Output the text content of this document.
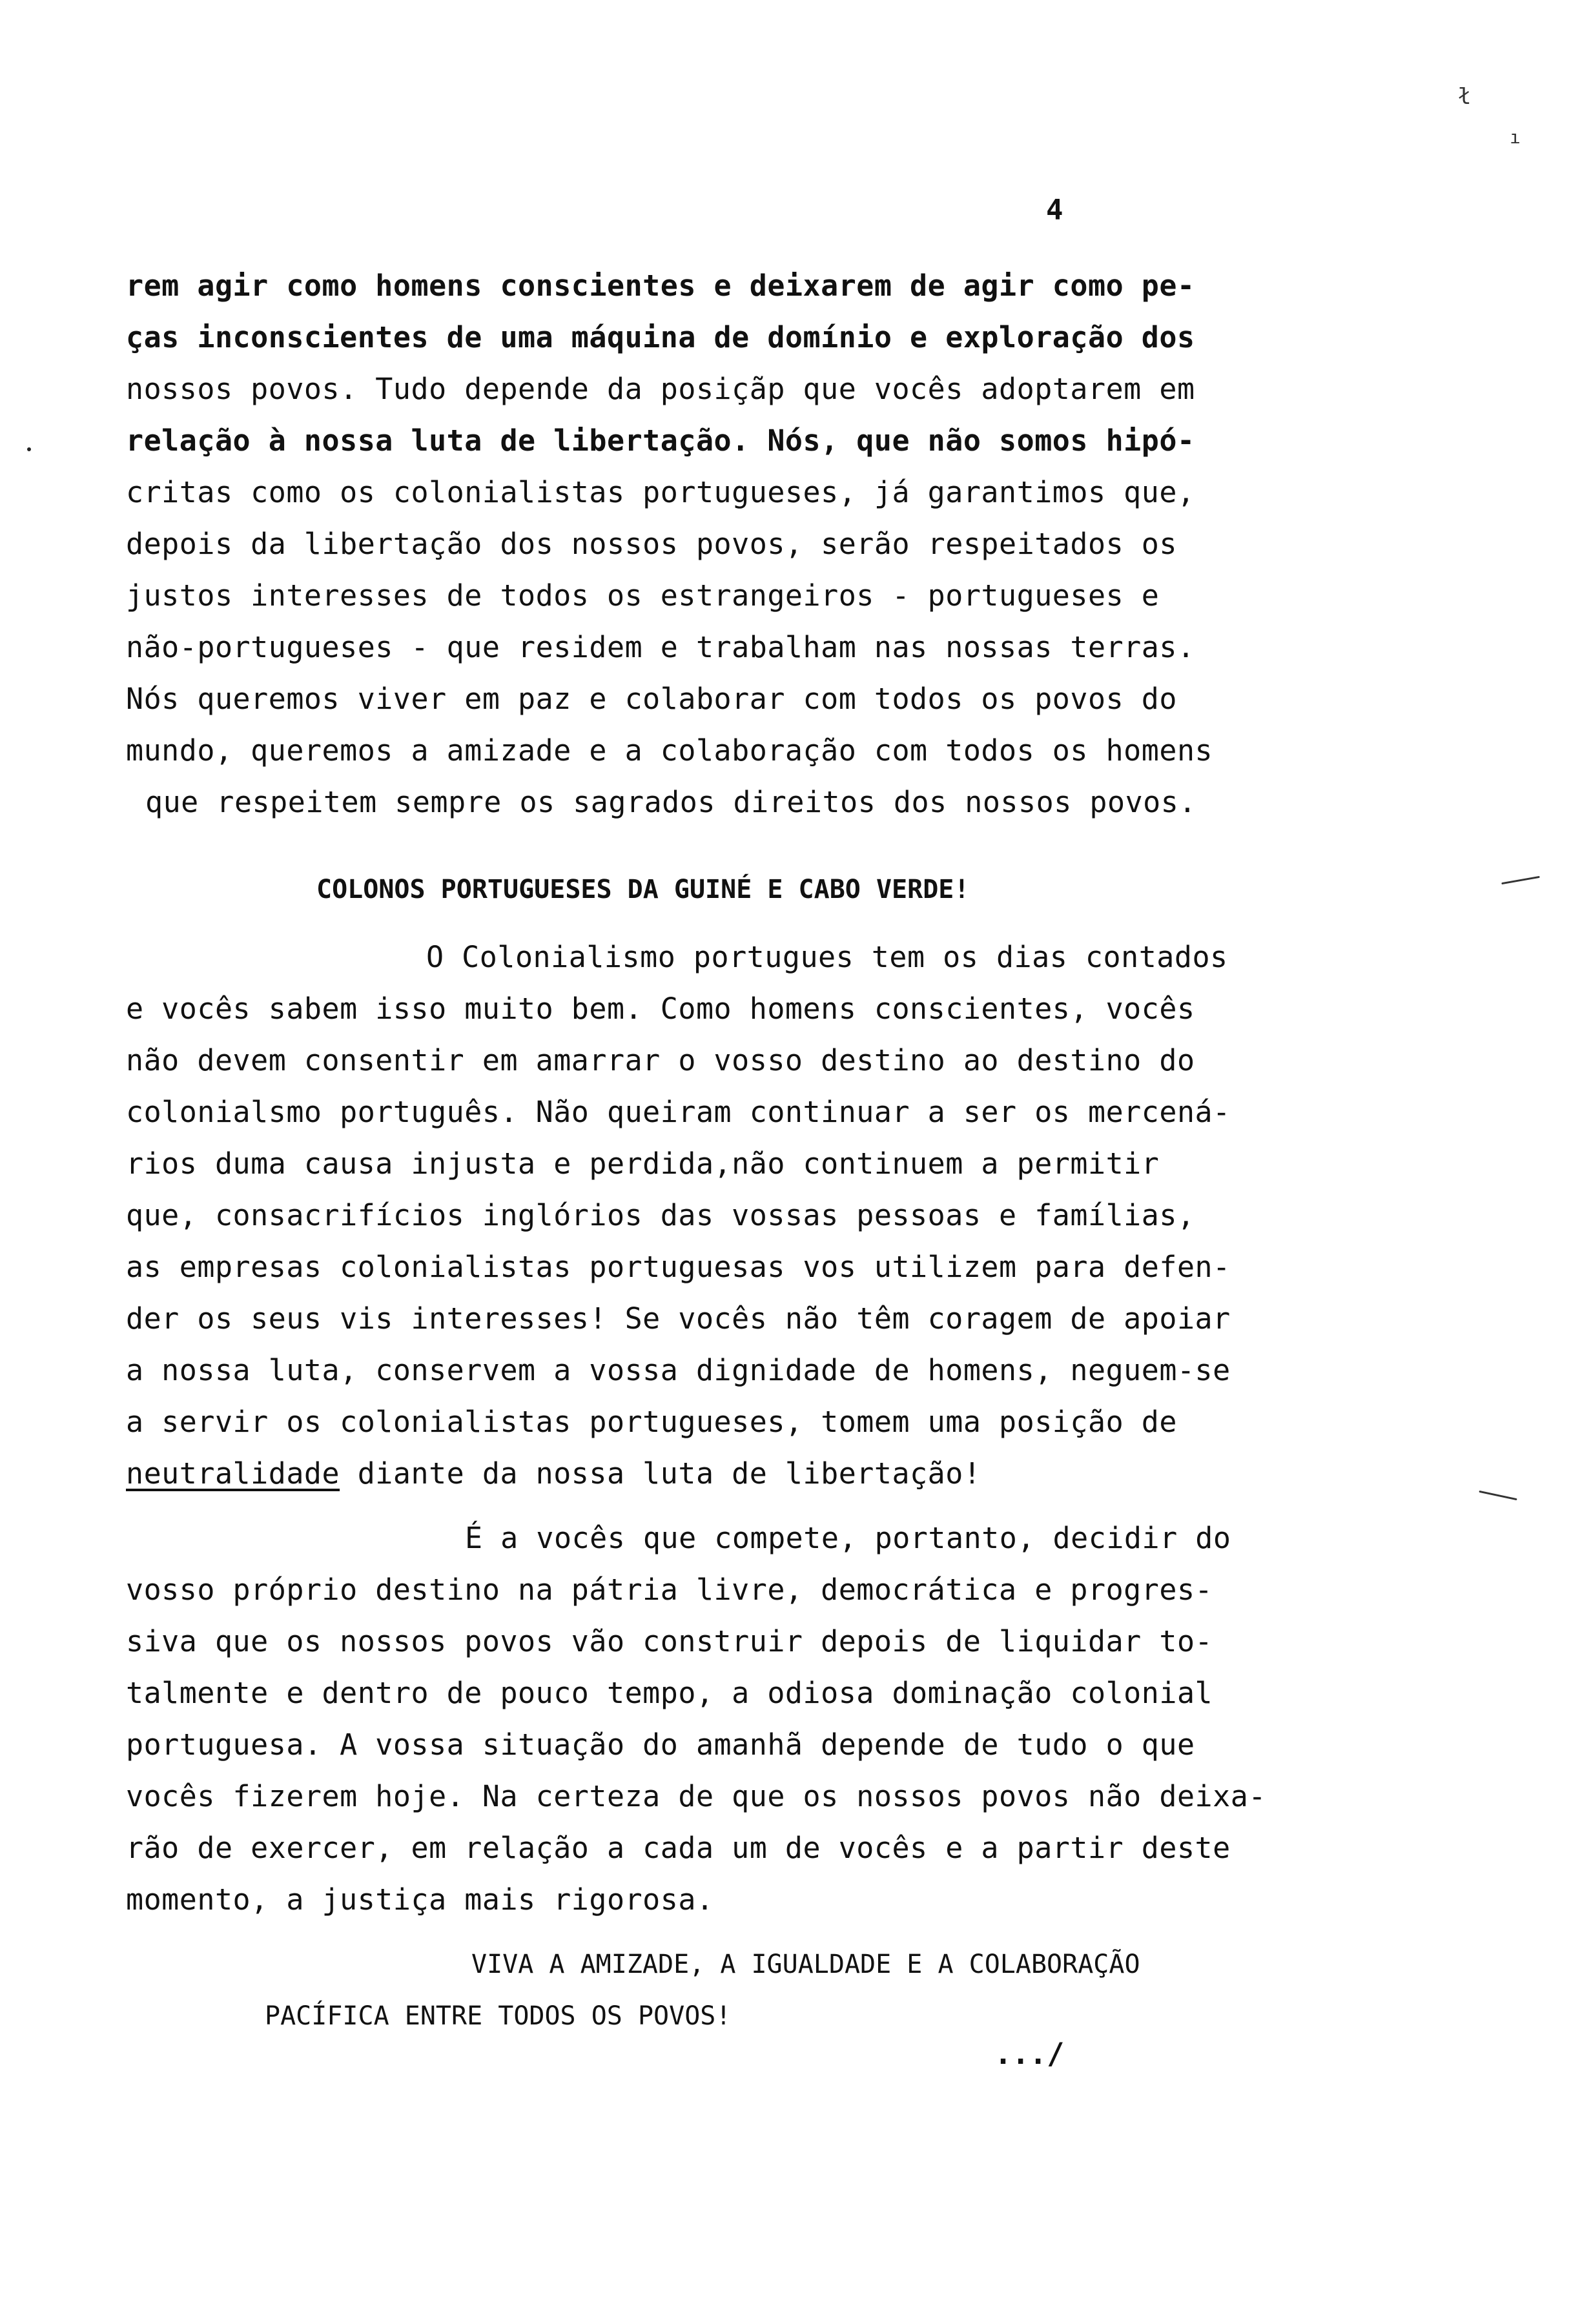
ł
ı
4
rem agir como homens conscientes e deixarem de agir como pe-
ças inconscientes de uma máquina de domínio e exploração dos
nossos povos. Tudo depende da posiçãp que vocês adoptarem em
relação à nossa luta de libertação. Nós, que não somos hipó-
critas como os colonialistas portugueses, já garantimos que,
depois da libertação dos nossos povos, serão respeitados os
justos interesses de todos os estrangeiros - portugueses e
não-portugueses - que residem e trabalham nas nossas terras.
Nós queremos viver em paz e colaborar com todos os povos do
mundo, queremos a amizade e a colaboração com todos os homens
que respeitem sempre os sagrados direitos dos nossos povos.
COLONOS PORTUGUESES DA GUINÉ E CABO VERDE!
O Colonialismo portugues tem os dias contados
e vocês sabem isso muito bem. Como homens conscientes, vocês
não devem consentir em amarrar o vosso destino ao destino do
colonialsmo português. Não queiram continuar a ser os mercená-
rios duma causa injusta e perdida,não continuem a permitir
que, consacrifícios inglórios das vossas pessoas e famílias,
as empresas colonialistas portuguesas vos utilizem para defen-
der os seus vis interesses! Se vocês não têm coragem de apoiar
a nossa luta, conservem a vossa dignidade de homens, neguem-se
a servir os colonialistas portugueses, tomem uma posição de
neutralidade diante da nossa luta de libertação!
É a vocês que compete, portanto, decidir do
vosso próprio destino na pátria livre, democrática e progres-
siva que os nossos povos vão construir depois de liquidar to-
talmente e dentro de pouco tempo, a odiosa dominação colonial
portuguesa. A vossa situação do amanhã depende de tudo o que
vocês fizerem hoje. Na certeza de que os nossos povos não deixa-
rão de exercer, em relação a cada um de vocês e a partir deste
momento, a justiça mais rigorosa.
VIVA A AMIZADE, A IGUALDADE E A COLABORAÇÃO
PACÍFICA ENTRE TODOS OS POVOS!
.../
